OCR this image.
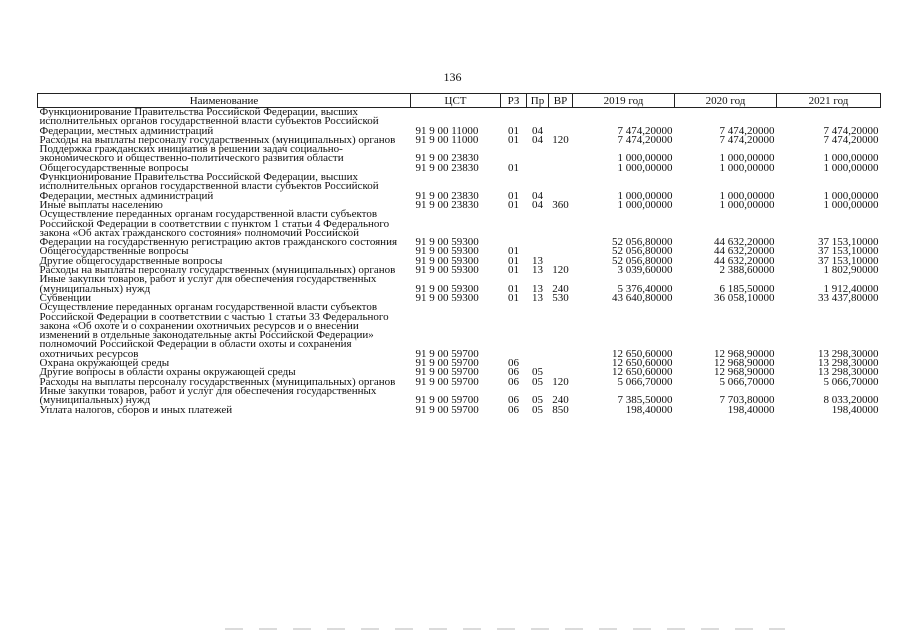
136
Наименование	ЦСТ	РЗ	Пр	ВР	2019 год	2020 год	2021 год
Функционирование Правительства Российской Федерации, высших исполнительных органов государственной власти субъектов Российской Федерации, местных администраций	91 9 00 11000	01	04		7 474,20000	7 474,20000	7 474,20000
Расходы на выплаты персоналу государственных (муниципальных) органов	91 9 00 11000	01	04	120	7 474,20000	7 474,20000	7 474,20000
Поддержка гражданских инициатив в решении задач социально-экономического и общественно-политического развития области	91 9 00 23830				1 000,00000	1 000,00000	1 000,00000
Общегосударственные вопросы	91 9 00 23830	01			1 000,00000	1 000,00000	1 000,00000
Функционирование Правительства Российской Федерации, высших исполнительных органов государственной власти субъектов Российской Федерации, местных администраций	91 9 00 23830	01	04		1 000,00000	1 000,00000	1 000,00000
Иные выплаты населению	91 9 00 23830	01	04	360	1 000,00000	1 000,00000	1 000,00000
Осуществление переданных органам государственной власти субъектов Российской Федерации в соответствии с пунктом 1 статьи 4 Федерального закона «Об актах гражданского состояния» полномочий Российской Федерации на государственную регистрацию актов гражданского состояния	91 9 00 59300				52 056,80000	44 632,20000	37 153,10000
Общегосударственные вопросы	91 9 00 59300	01			52 056,80000	44 632,20000	37 153,10000
Другие общегосударственные вопросы	91 9 00 59300	01	13		52 056,80000	44 632,20000	37 153,10000
Расходы на выплаты персоналу государственных (муниципальных) органов	91 9 00 59300	01	13	120	3 039,60000	2 388,60000	1 802,90000
Иные закупки товаров, работ и услуг для обеспечения государственных (муниципальных) нужд	91 9 00 59300	01	13	240	5 376,40000	6 185,50000	1 912,40000
Субвенции	91 9 00 59300	01	13	530	43 640,80000	36 058,10000	33 437,80000
Осуществление переданных органам государственной власти субъектов Российской Федерации в соответствии с частью 1 статьи 33 Федерального закона «Об охоте и о сохранении охотничьих ресурсов и о внесении изменений в отдельные законодательные акты Российской Федерации» полномочий Российской Федерации в области охоты и сохранения охотничьих ресурсов	91 9 00 59700				12 650,60000	12 968,90000	13 298,30000
Охрана окружающей среды	91 9 00 59700	06			12 650,60000	12 968,90000	13 298,30000
Другие вопросы в области охраны окружающей среды	91 9 00 59700	06	05		12 650,60000	12 968,90000	13 298,30000
Расходы на выплаты персоналу государственных (муниципальных) органов	91 9 00 59700	06	05	120	5 066,70000	5 066,70000	5 066,70000
Иные закупки товаров, работ и услуг для обеспечения государственных (муниципальных) нужд	91 9 00 59700	06	05	240	7 385,50000	7 703,80000	8 033,20000
Уплата налогов, сборов и иных платежей	91 9 00 59700	06	05	850	198,40000	198,40000	198,40000
